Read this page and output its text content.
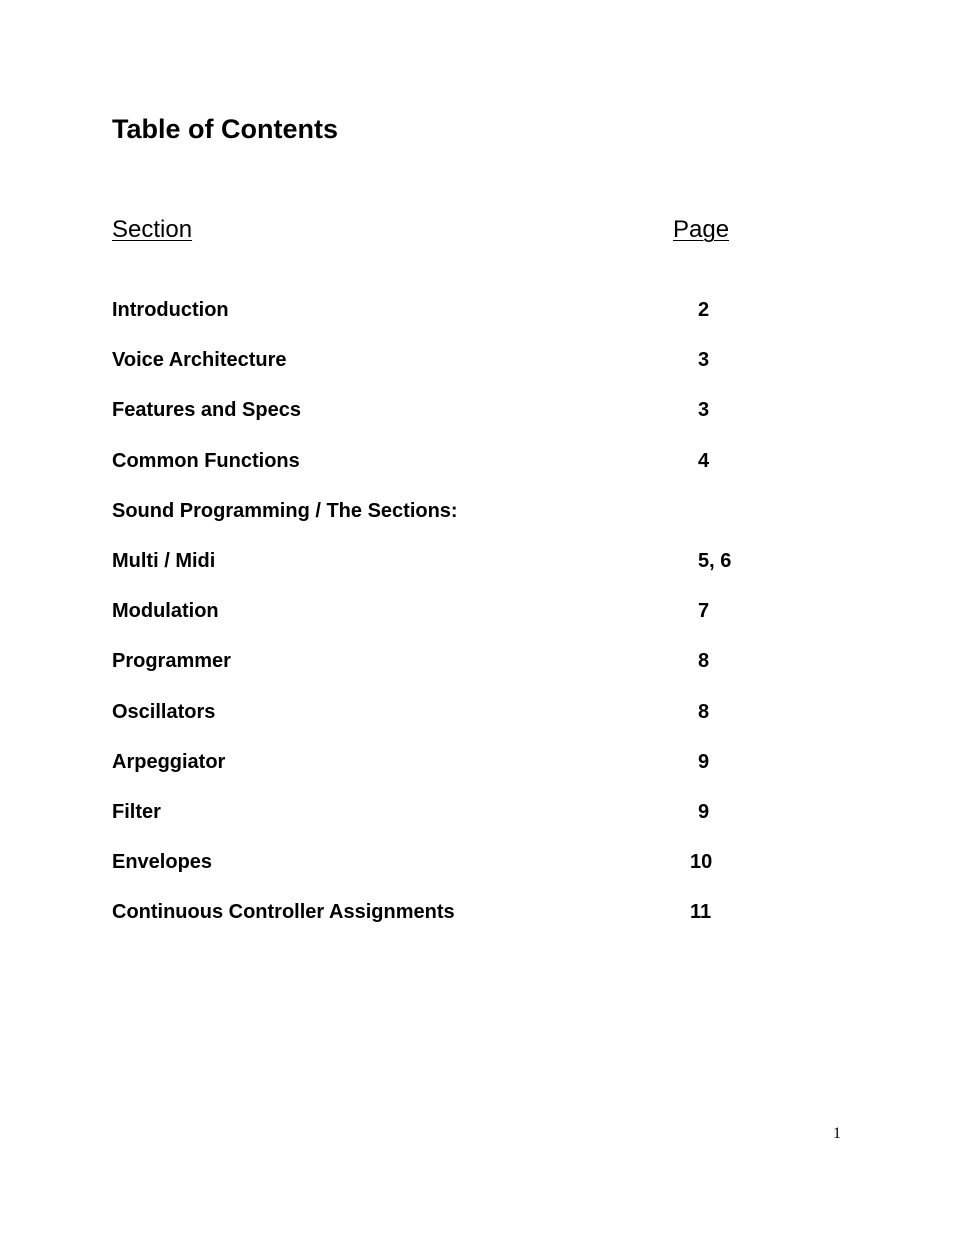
Table of Contents
Section	Page
Introduction	2
Voice Architecture	3
Features and Specs	3
Common Functions	4
Sound Programming / The Sections:
Multi / Midi	5, 6
Modulation	7
Programmer	8
Oscillators	8
Arpeggiator	9
Filter	9
Envelopes	10
Continuous Controller Assignments	11
1
